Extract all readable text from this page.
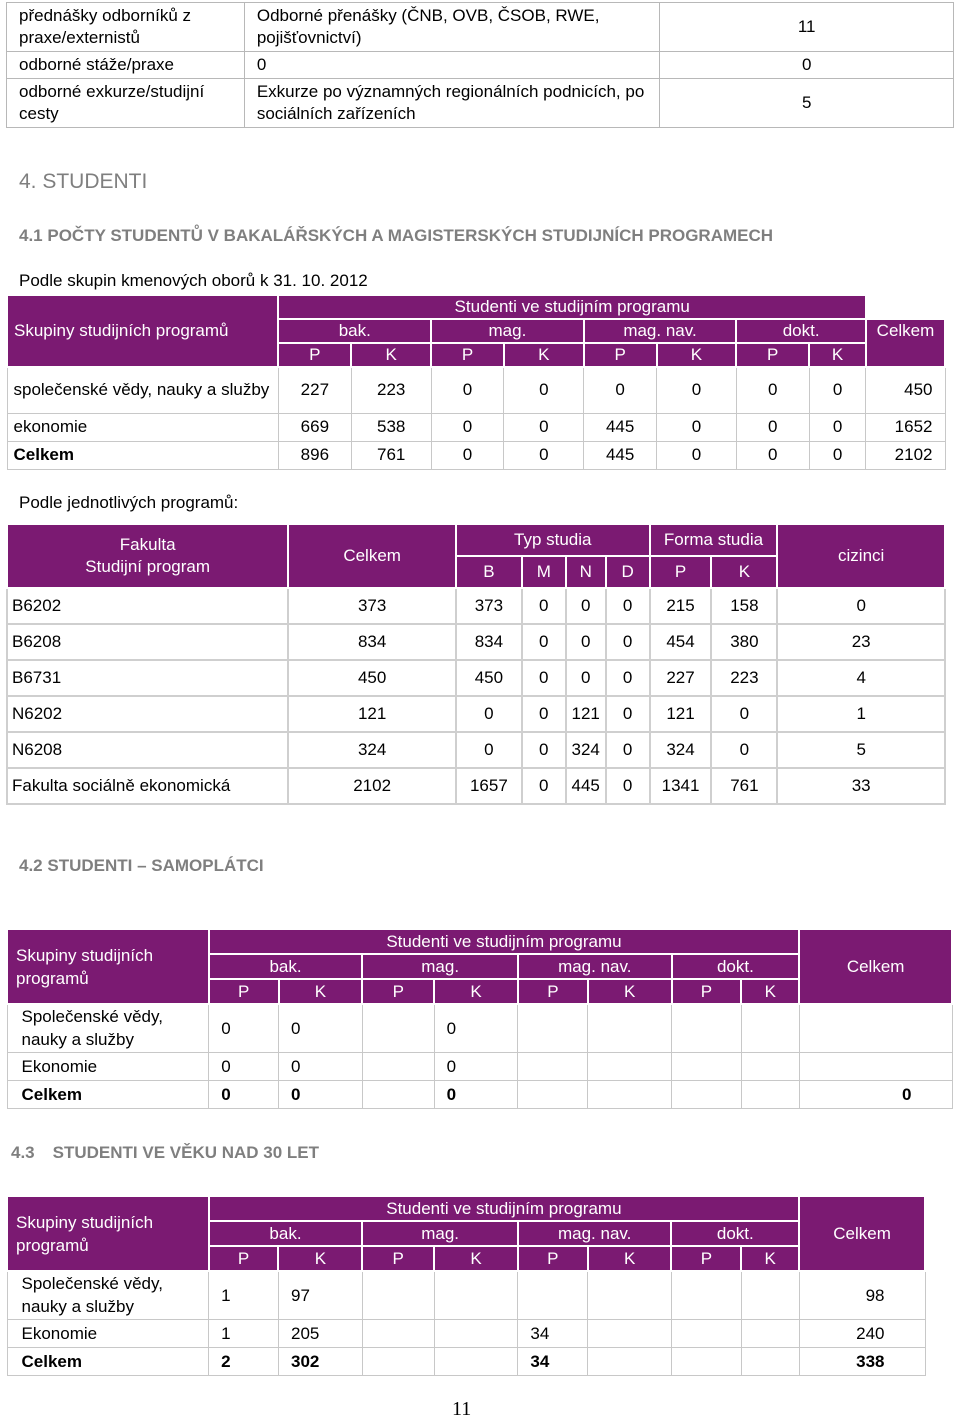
přednášky odborníků z praxe/externistů	Odborné přenášky (ČNB, OVB, ČSOB, RWE, pojišťovnictví)	11
odborné stáže/praxe	0	0
odborné exkurze/studijní cesty	Exkurze po významných regionálních podnicích, po sociálních zařízeních	5
4. STUDENTI
4.1 POČTY STUDENTŮ V BAKALÁŘSKÝCH A MAGISTERSKÝCH STUDIJNÍCH PROGRAMECH
Podle skupin kmenových oborů k 31. 10. 2012
Skupiny studijních programů	Studenti ve studijním programu								
	bak.		mag.		mag. nav.		dokt.		Celkem
	P	K	P	K	P	K	P	K	
společenské vědy, nauky a služby	227	223	0	0	0	0	0	0	450
ekonomie	669	538	0	0	445	0	0	0	1652
Celkem	896	761	0	0	445	0	0	0	2102
Podle jednotlivých programů:
Fakulta
Studijní program	Celkem	Typ studia				Forma studia		cizinci
		B	M	N	D	P	K	
B6202	373	373	0	0	0	215	158	0
B6208	834	834	0	0	0	454	380	23
B6731	450	450	0	0	0	227	223	4
N6202	121	0	0	121	0	121	0	1
N6208	324	0	0	324	0	324	0	5
Fakulta sociálně ekonomická	2102	1657	0	445	0	1341	761	33
4.2 STUDENTI – SAMOPLÁTCI
Skupiny studijních programů	Studenti ve studijním programu								Celkem
	bak.		mag.		mag. nav.		dokt.		
	P	K	P	K	P	K	P	K	
Společenské vědy, nauky a služby	0	0		0					
Ekonomie	0	0		0					
Celkem	0	0		0					0
4.3 STUDENTI VE VĚKU NAD 30 LET
Skupiny studijních programů	Studenti ve studijním programu								Celkem
	bak.		mag.		mag. nav.		dokt.		
	P	K	P	K	P	K	P	K	
Společenské vědy, nauky a služby	1	97							98
Ekonomie	1	205			34				240
Celkem	2	302			34				338
11
